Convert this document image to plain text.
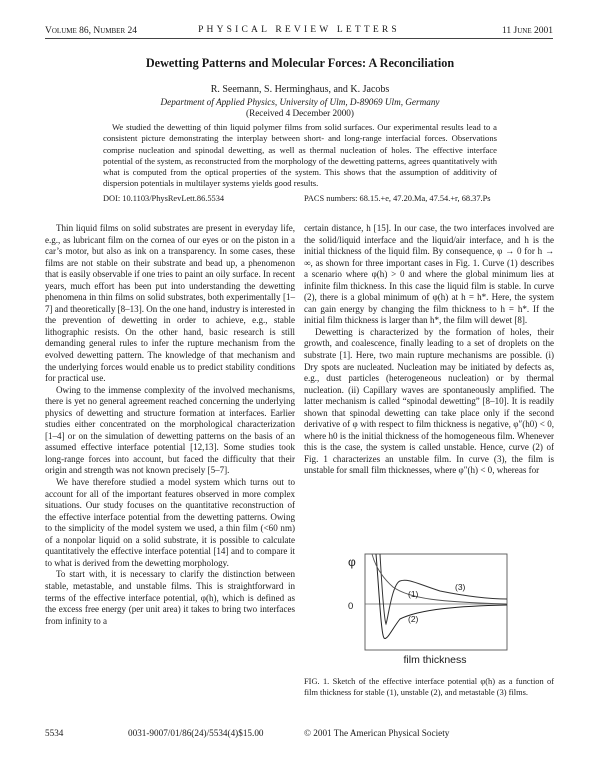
Volume 86, Number 24	PHYSICAL REVIEW LETTERS	11 June 2001
Dewetting Patterns and Molecular Forces: A Reconciliation
R. Seemann, S. Herminghaus, and K. Jacobs
Department of Applied Physics, University of Ulm, D-89069 Ulm, Germany
(Received 4 December 2000)
We studied the dewetting of thin liquid polymer films from solid surfaces. Our experimental results lead to a consistent picture demonstrating the interplay between short- and long-range interfacial forces. Observations comprise nucleation and spinodal dewetting, as well as thermal nucleation of holes. The effective interface potential of the system, as reconstructed from the morphology of the dewetting patterns, agrees quantitatively with what is computed from the optical properties of the system. This shows that the assumption of additivity of dispersion potentials in multilayer systems yields good results.
DOI: 10.1103/PhysRevLett.86.5534	PACS numbers: 68.15.+e, 47.20.Ma, 47.54.+r, 68.37.Ps

Thin liquid films on solid substrates are present in everyday life, e.g., as lubricant film on the cornea of our eyes or on the piston in a car’s motor, but also as ink on a transparency. In some cases, these films are not stable on their substrate and bead up, a phenomenon that is easily observable if one tries to paint an oily surface. In recent years, much effort has been put into understanding the dewetting phenomena in thin films on solid substrates, both experimentally [1–7] and theoretically [8–13]. On the one hand, industry is interested in the prevention of dewetting in order to achieve, e.g., stable lithographic resists. On the other hand, basic research is still demanding general rules to infer the rupture mechanism from the evolved dewetting pattern. The knowledge of that mechanism and the underlying forces would enable us to predict stability conditions for practical use.

Owing to the immense complexity of the involved mechanisms, there is yet no general agreement reached concerning the underlying physics of dewetting and structure formation at interfaces. Earlier studies either concentrated on the morphological characterization [1–4] or on the simulation of dewetting patterns on the basis of an assumed effective interface potential [12,13]. Some studies took long-range forces into account, but faced the difficulty that their origin and strength was not known precisely [5–7].

We have therefore studied a model system which turns out to account for all of the important features observed in more complex situations. Our study focuses on the quantitative reconstruction of the effective interface potential from the dewetting patterns. Owing to the simplicity of the model system we used, a thin film (<60 nm) of a nonpolar liquid on a solid substrate, it is possible to calculate quantitatively the effective interface potential [14] and to compare it to what is derived from the dewetting morphology.

To start with, it is necessary to clarify the distinction between stable, metastable, and unstable films. This is straightforward in terms of the effective interface potential, φ(h), which is defined as the excess free energy (per unit area) it takes to bring two interfaces from infinity to a

certain distance, h [15]. In our case, the two interfaces involved are the solid/liquid interface and the liquid/air interface, and h is the initial thickness of the liquid film. By consequence, φ → 0 for h → ∞, as shown for three important cases in Fig. 1. Curve (1) describes a scenario where φ(h) > 0 and where the global minimum lies at infinite film thickness. In this case the liquid film is stable. In curve (2), there is a global minimum of φ(h) at h = h*. Here, the system can gain energy by changing the film thickness to h = h*. If the initial film thickness is larger than h*, the film will dewet [8].

Dewetting is characterized by the formation of holes, their growth, and coalescence, finally leading to a set of droplets on the substrate [1]. Here, two main rupture mechanisms are possible. (i) Dry spots are nucleated. Nucleation may be initiated by defects as, e.g., dust particles (heterogeneous nucleation) or by thermal nucleation. (ii) Capillary waves are spontaneously amplified. The latter mechanism is called “spinodal dewetting” [8–10]. It is readily shown that spinodal dewetting can take place only if the second derivative of φ with respect to film thickness is negative, φ″(h0) < 0, where h0 is the initial thickness of the homogeneous film. Whenever this is the case, the system is called unstable. Hence, curve (2) of Fig. 1 characterizes an unstable film. In curve (3), the film is unstable for small film thicknesses, where φ″(h) < 0, whereas for

φ
0
(1)
(2)
(3)
film thickness
FIG. 1. Sketch of the effective interface potential φ(h) as a function of film thickness for stable (1), unstable (2), and metastable (3) films.
5534	0031-9007/01/86(24)/5534(4)$15.00	© 2001 The American Physical Society
